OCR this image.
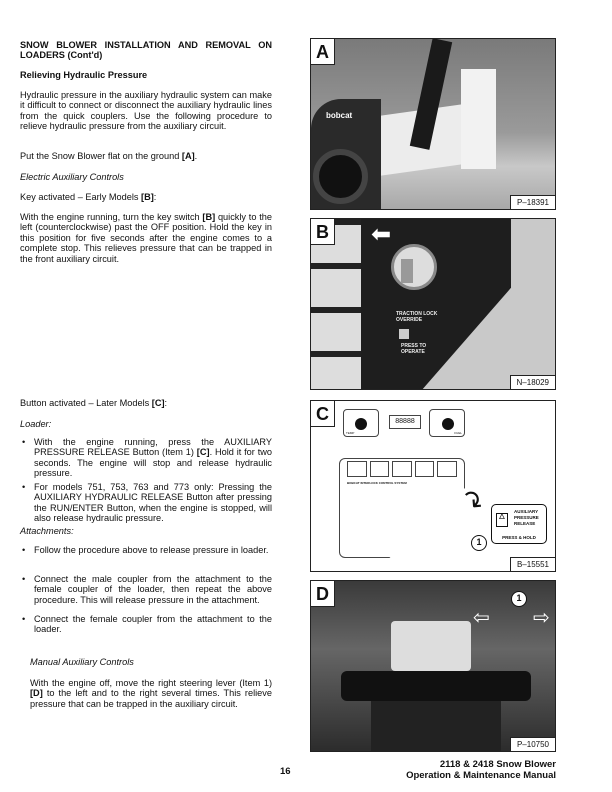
SNOW BLOWER INSTALLATION AND REMOVAL ON LOADERS (Cont'd)
Relieving Hydraulic Pressure
Hydraulic pressure in the auxiliary hydraulic system can make it difficult to connect or disconnect the auxiliary hydraulic lines from the quick couplers. Use the following procedure to relieve hydraulic pressure from the auxiliary circuit.
Put the Snow Blower flat on the ground [A].
Electric Auxiliary Controls
Key activated – Early Models [B]:
With the engine running, turn the key switch [B] quickly to the left (counterclockwise) past the OFF position. Hold the key in this position for five seconds after the engine comes to a complete stop. This relieves pressure that can be trapped in the front auxiliary circuit.
Button activated – Later Models [C]:
Loader:
• With the engine running, press the AUXILIARY PRESSURE RELEASE Button (Item 1) [C]. Hold it for two seconds. The engine will stop and release hydraulic pressure.
• For models 751, 753, 763 and 773 only: Pressing the AUXILIARY HYDRAULIC RELEASE Button after pressing the RUN/ENTER Button, when the engine is stopped, will also release hydraulic pressure.
Attachments:
• Follow the procedure above to release pressure in loader.
• Connect the male coupler from the attachment to the female coupler of the loader, then repeat the above procedure. This will release pressure in the attachment.
• Connect the female coupler from the attachment to the loader.
Manual Auxiliary Controls
With the engine off, move the right steering lever (Item 1) [D] to the left and to the right several times. This relieve pressure that can be trapped in the auxiliary circuit.
A
bobcat
P–18391
B ⬅
TRACTION LOCK OVERRIDE
PRESS TO OPERATE
N–18029
C
TEMP
88888
FUEL
BOBCAT INTERLOCK CONTROL SYSTEM ↷	AUXILIARY
PRESSURE
RELEASE
△
PRESS & HOLD
1
B–15551
D
⇦ ⇨
1
P–10750
16
2118 & 2418 Snow Blower
Operation & Maintenance Manual
